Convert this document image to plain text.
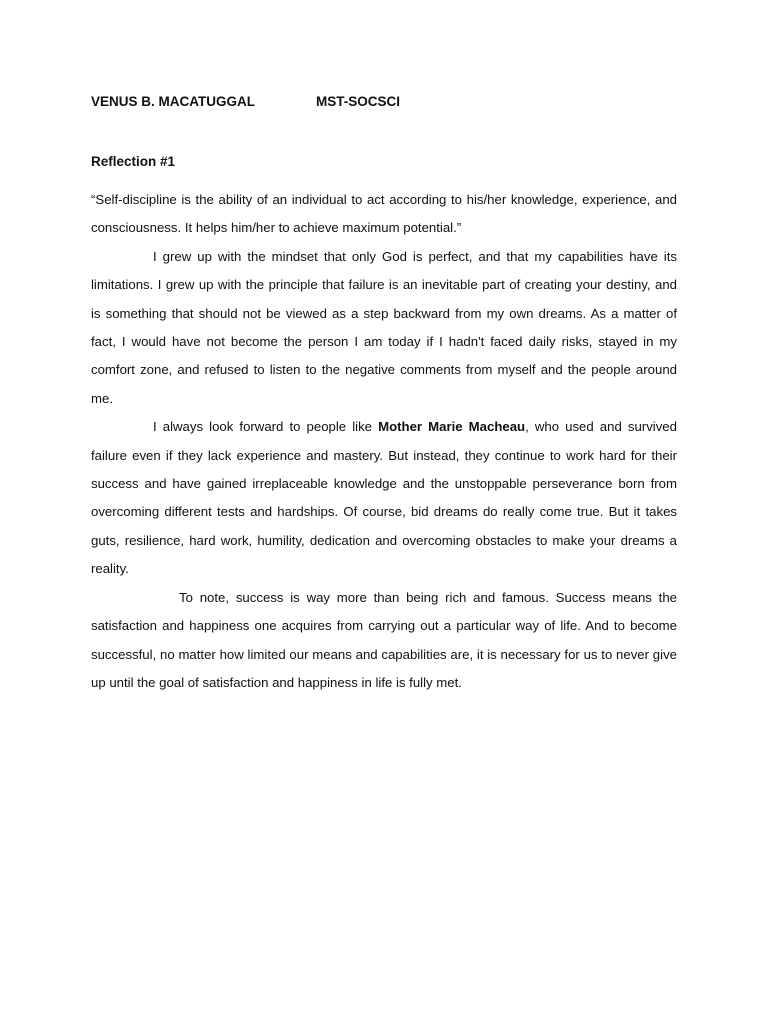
VENUS B. MACATUGGAL	MST-SOCSCI
Reflection #1

“Self-discipline is the ability of an individual to act according to his/her knowledge, experience, and consciousness. It helps him/her to achieve maximum potential.”

I grew up with the mindset that only God is perfect, and that my capabilities have its limitations. I grew up with the principle that failure is an inevitable part of creating your destiny, and is something that should not be viewed as a step backward from my own dreams. As a matter of fact, I would have not become the person I am today if I hadn't faced daily risks, stayed in my comfort zone, and refused to listen to the negative comments from myself and the people around me.

I always look forward to people like Mother Marie Macheau, who used and survived failure even if they lack experience and mastery. But instead, they continue to work hard for their success and have gained irreplaceable knowledge and the unstoppable perseverance born from overcoming different tests and hardships. Of course, bid dreams do really come true. But it takes guts, resilience, hard work, humility, dedication and overcoming obstacles to make your dreams a reality.

To note, success is way more than being rich and famous. Success means the satisfaction and happiness one acquires from carrying out a particular way of life. And to become successful, no matter how limited our means and capabilities are, it is necessary for us to never give up until the goal of satisfaction and happiness in life is fully met.
